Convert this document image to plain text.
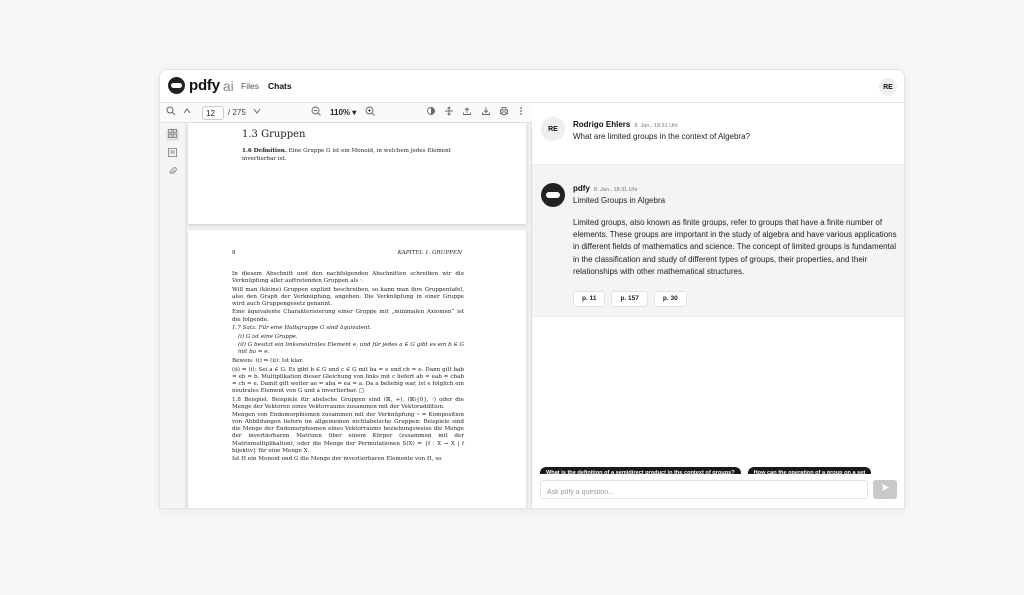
pdfy ai Files Chats	RE
12
/ 275	110% ▾
1.3 Gruppen
1.6 Definition. Eine Gruppe G ist ein Monoid, in welchem jedes Element invertierbar ist.
8	KAPITEL 1. GRUPPEN

In diesem Abschnitt und den nachfolgenden Abschnitten schreiben wir die Verknüpfung aller auftretenden Gruppen als ·.

Will man (kleine) Gruppen explizit beschreiben, so kann man ihre Gruppentafel, also den Graph der Verknüpfung, angeben. Die Verknüpfung in einer Gruppe wird auch Gruppengesetz genannt.

Eine äquivalente Charakterisierung einer Gruppe mit „minimalen Axiomen“ ist die folgende.

1.7 Satz. Für eine Halbgruppe G sind äquivalent.

(i) G ist eine Gruppe.

(ii) G besitzt ein linksneutrales Element e, und für jedes a ∈ G gibt es ein b ∈ G mit ba = e.

Beweis. (i) ⇒ (ii): Ist klar.

(ii) ⇒ (i): Sei a ∈ G. Es gibt b ∈ G und c ∈ G mit ba = e und cb = e. Dann gilt bab = eb = b. Multiplikation dieser Gleichung von links mit c liefert ab = eab = cbab = cb = e. Damit gilt weiter ae = aba = ea = a. Da a beliebig war, ist e folglich ein neutrales Element von G und a invertierbar. □

1.8 Beispiel. Beispiele für abelsche Gruppen sind (ℝ, +), (ℝ\{0}, ·) oder die Menge der Vektoren eines Vektorraums zusammen mit der Vektoraddition.

Mengen von Endomorphismen zusammen mit der Verknüpfung ∘ = Komposition von Abbildungen liefern im allgemeinen nichtabelsche Gruppen: Beispiele sind die Menge der Endomorphismen eines Vektorraums beziehungsweise die Menge der invertierbaren Matrizen über einem Körper (zusammen mit der Matrixmultiplikation), oder die Menge der Permutationen S(X) = {f : X → X | f bijektiv} für eine Menge X.

Ist H ein Monoid und G die Menge der invertierbaren Elemente von H, so

RE	Rodrigo Ehlers 8. Jan., 18:31 Uhr
What are limited groups in the context of Algebra?
pdfy 8. Jan., 18:31 Uhr
Limited Groups in Algebra
Limited groups, also known as finite groups, refer to groups that have a finite number of elements. These groups are important in the study of algebra and have various applications in different fields of mathematics and science. The concept of limited groups is fundamental in the classification and study of different types of groups, their properties, and their relationships with other mathematical structures.
p. 11	p. 157	p. 30
What is the definition of a semidirect product in the context of groups?	How can the operation of a group on a set
Ask pdfy a question...
